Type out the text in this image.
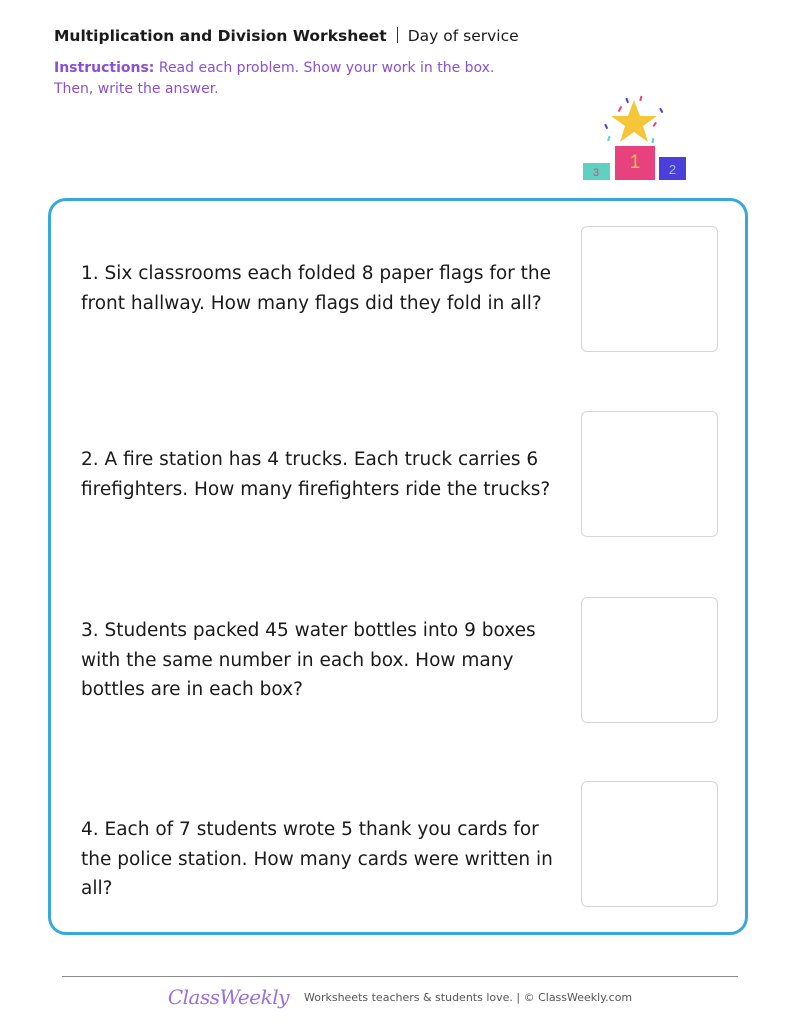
Multiplication and Division Worksheet Day of service
Instructions: Read each problem. Show your work in the box. Then, write the answer.
1 2
3
1. Six classrooms each folded 8 paper flags for the front hallway. How many flags did they fold in all?
2. A fire station has 4 trucks. Each truck carries 6 firefighters. How many firefighters ride the trucks?
3. Students packed 45 water bottles into 9 boxes with the same number in each box. How many bottles are in each box?
4. Each of 7 students wrote 5 thank you cards for the police station. How many cards were written in all?
ClassWeekly Worksheets teachers & students love. | © ClassWeekly.com
